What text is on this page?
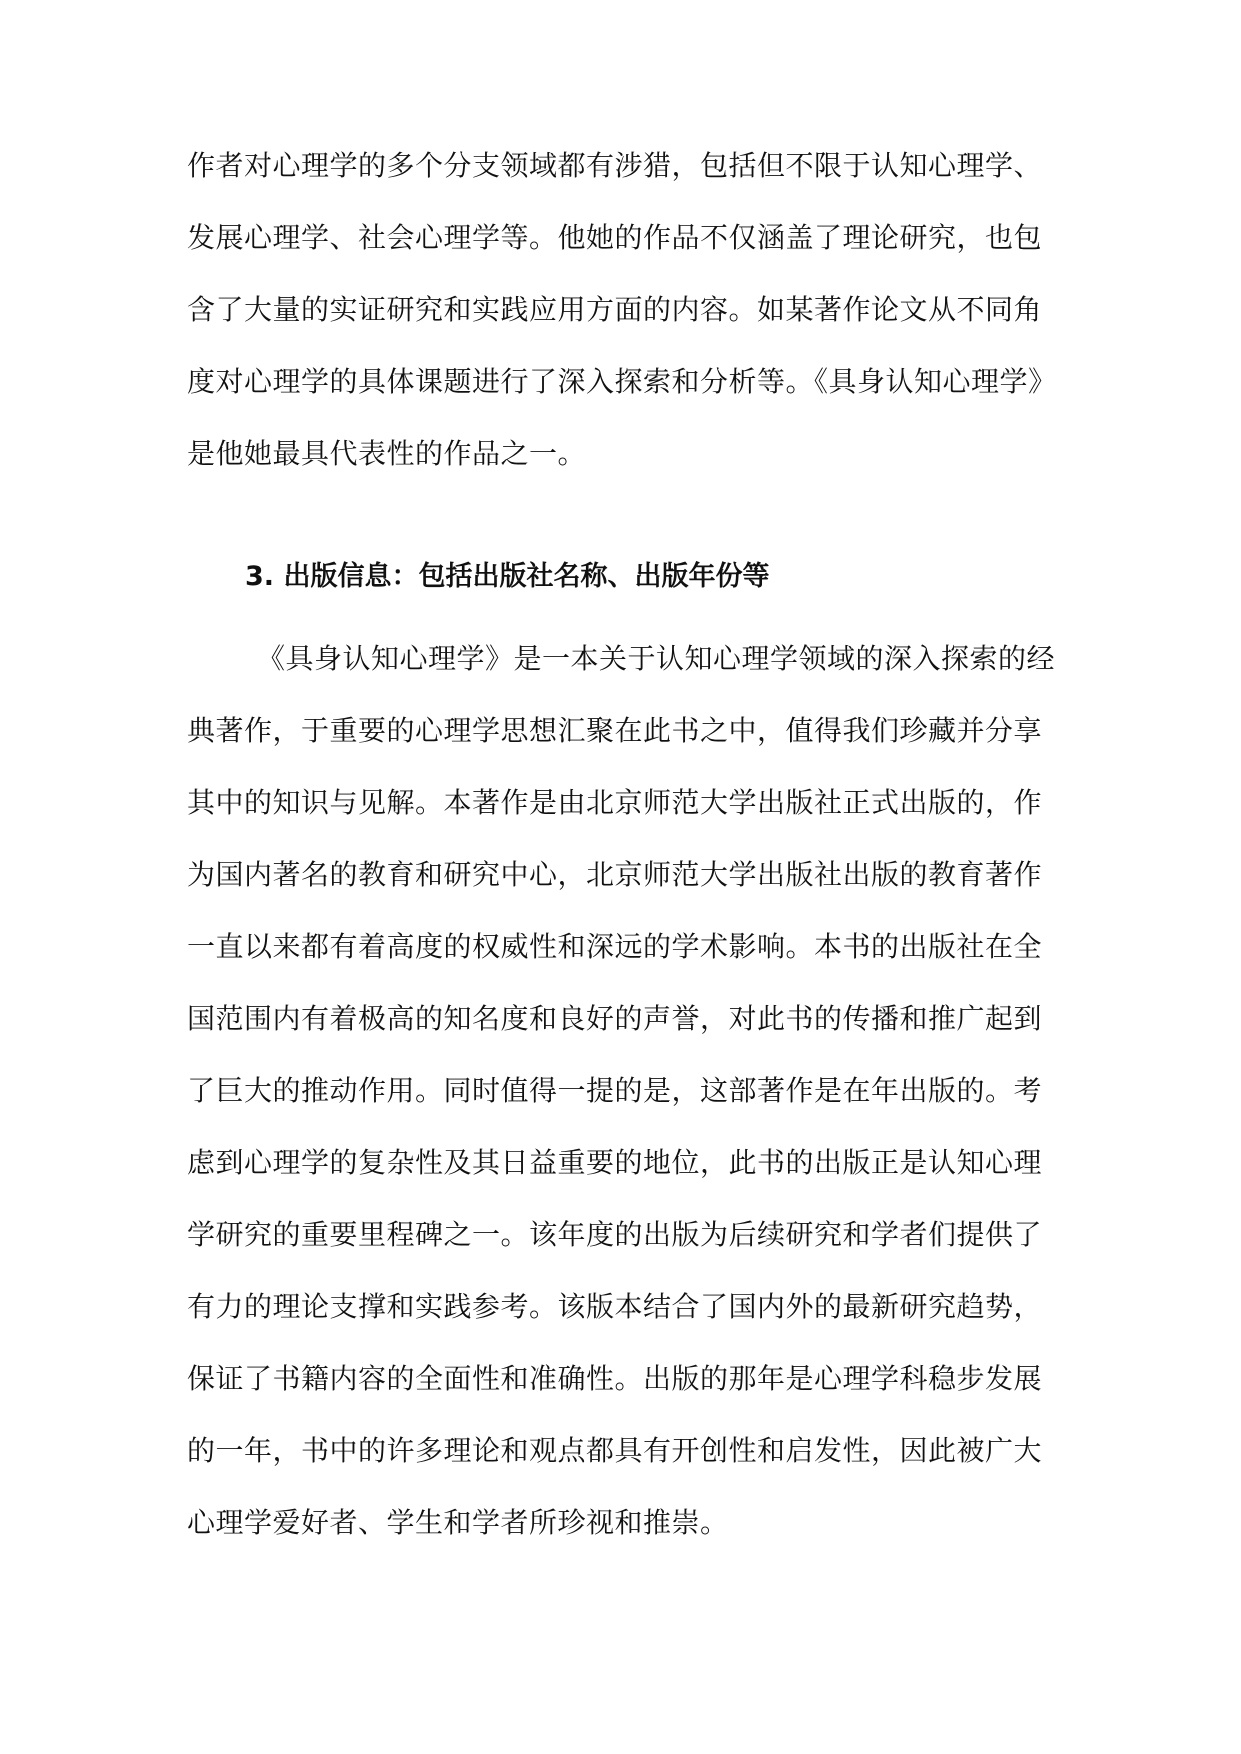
作者对心理学的多个分支领域都有涉猎，包括但不限于认知心理学、
发展心理学、社会心理学等。他她的作品不仅涵盖了理论研究，也包
含了大量的实证研究和实践应用方面的内容。如某著作论文从不同角
度对心理学的具体课题进行了深入探索和分析等。《具身认知心理学》
是他她最具代表性的作品之一。
3. 出版信息：包括出版社名称、出版年份等
《具身认知心理学》是一本关于认知心理学领域的深入探索的经
典著作，于重要的心理学思想汇聚在此书之中，值得我们珍藏并分享
其中的知识与见解。本著作是由北京师范大学出版社正式出版的，作
为国内著名的教育和研究中心，北京师范大学出版社出版的教育著作
一直以来都有着高度的权威性和深远的学术影响。本书的出版社在全
国范围内有着极高的知名度和良好的声誉，对此书的传播和推广起到
了巨大的推动作用。同时值得一提的是，这部著作是在年出版的。考
虑到心理学的复杂性及其日益重要的地位，此书的出版正是认知心理
学研究的重要里程碑之一。该年度的出版为后续研究和学者们提供了
有力的理论支撑和实践参考。该版本结合了国内外的最新研究趋势，
保证了书籍内容的全面性和准确性。出版的那年是心理学科稳步发展
的一年，书中的许多理论和观点都具有开创性和启发性，因此被广大
心理学爱好者、学生和学者所珍视和推崇。
